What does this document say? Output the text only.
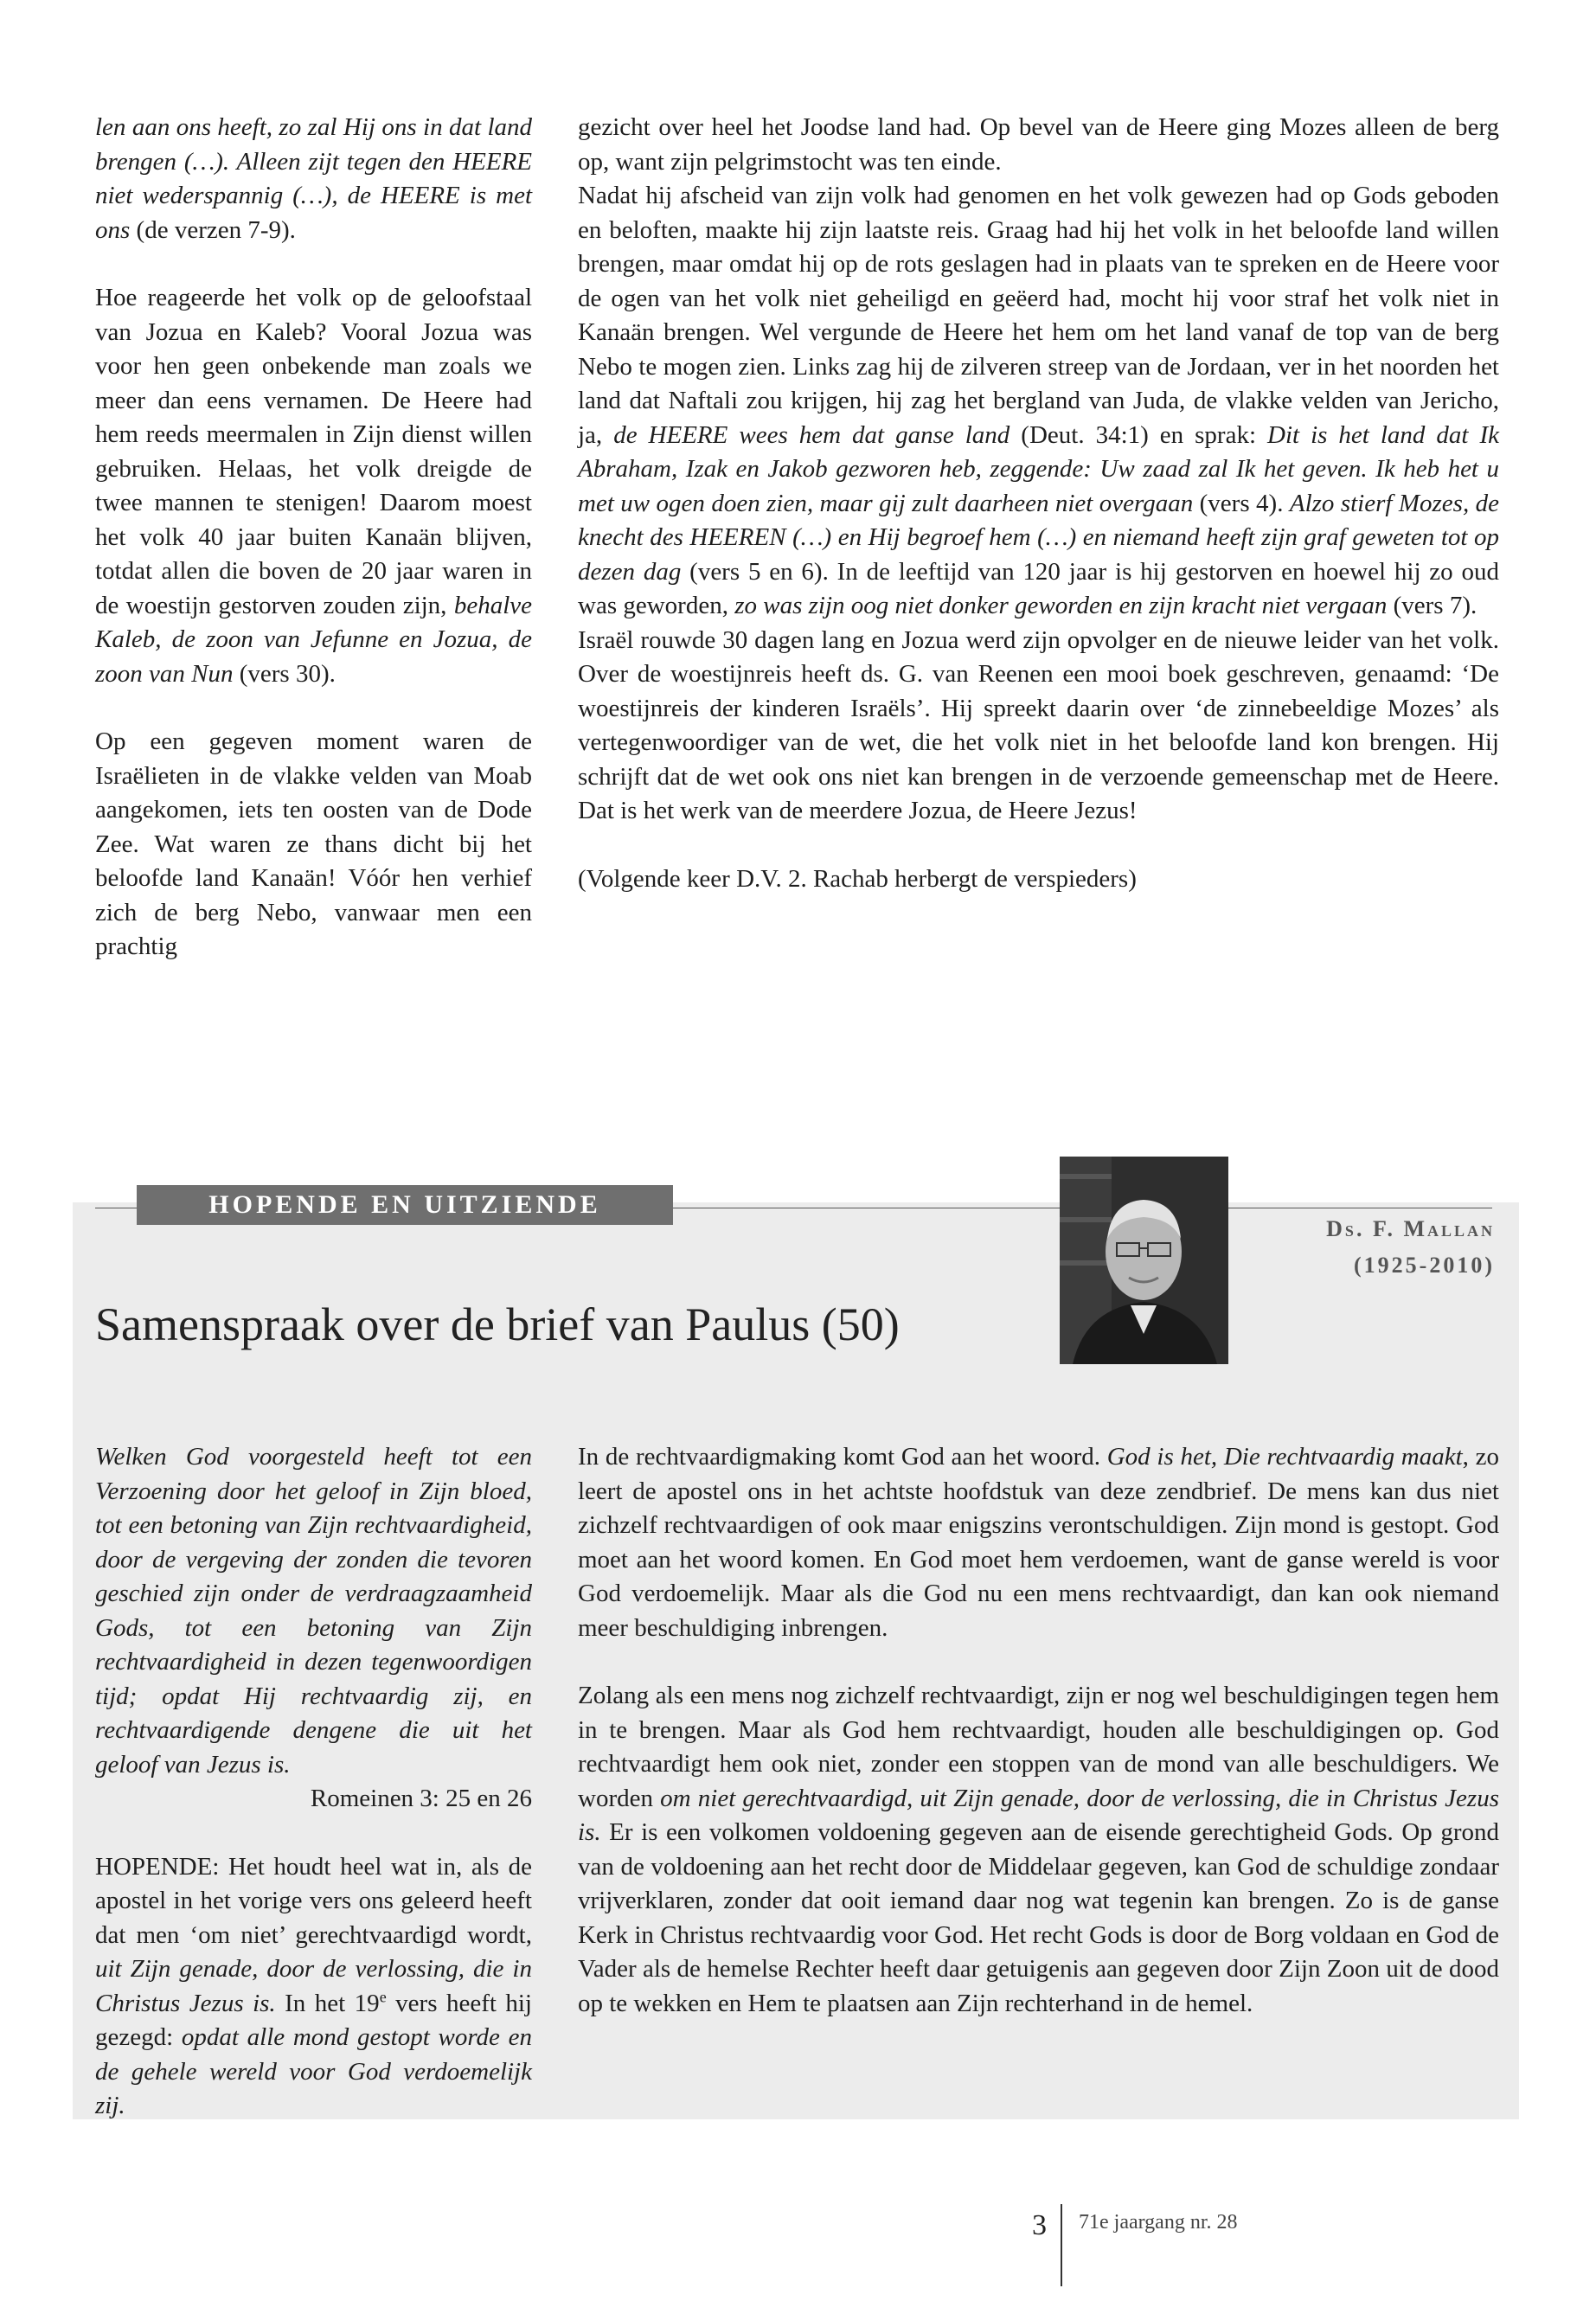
len aan ons heeft, zo zal Hij ons in dat land brengen (…). Alleen zijt tegen den HEERE niet wederspannig (…), de HEERE is met ons (de verzen 7-9).

Hoe reageerde het volk op de geloofstaal van Jozua en Kaleb? Vooral Jozua was voor hen geen onbekende man zoals we meer dan eens vernamen. De Heere had hem reeds meermalen in Zijn dienst willen gebruiken. Helaas, het volk dreigde de twee mannen te stenigen! Daarom moest het volk 40 jaar buiten Kanaän blijven, totdat allen die boven de 20 jaar waren in de woestijn gestorven zouden zijn, behalve Kaleb, de zoon van Jefunne en Jozua, de zoon van Nun (vers 30).

Op een gegeven moment waren de Israëlieten in de vlakke velden van Moab aangekomen, iets ten oosten van de Dode Zee. Wat waren ze thans dicht bij het beloofde land Kanaän! Vóór hen verhief zich de berg Nebo, vanwaar men een prachtig

gezicht over heel het Joodse land had. Op bevel van de Heere ging Mozes alleen de berg op, want zijn pelgrimstocht was ten einde.

Nadat hij afscheid van zijn volk had genomen en het volk gewezen had op Gods geboden en beloften, maakte hij zijn laatste reis. Graag had hij het volk in het beloofde land willen brengen, maar omdat hij op de rots geslagen had in plaats van te spreken en de Heere voor de ogen van het volk niet geheiligd en geëerd had, mocht hij voor straf het volk niet in Kanaän brengen. Wel vergunde de Heere het hem om het land vanaf de top van de berg Nebo te mogen zien. Links zag hij de zilveren streep van de Jordaan, ver in het noorden het land dat Naftali zou krijgen, hij zag het bergland van Juda, de vlakke velden van Jericho, ja, de HEERE wees hem dat ganse land (Deut. 34:1) en sprak: Dit is het land dat Ik Abraham, Izak en Jakob gezworen heb, zeggende: Uw zaad zal Ik het geven. Ik heb het u met uw ogen doen zien, maar gij zult daarheen niet overgaan (vers 4). Alzo stierf Mozes, de knecht des HEEREN (…) en Hij begroef hem (…) en niemand heeft zijn graf geweten tot op dezen dag (vers 5 en 6). In de leeftijd van 120 jaar is hij gestorven en hoewel hij zo oud was geworden, zo was zijn oog niet donker geworden en zijn kracht niet vergaan (vers 7).

Israël rouwde 30 dagen lang en Jozua werd zijn opvolger en de nieuwe leider van het volk. Over de woestijnreis heeft ds. G. van Reenen een mooi boek geschreven, genaamd: ‘De woestijnreis der kinderen Israëls’. Hij spreekt daarin over ‘de zinnebeeldige Mozes’ als vertegenwoordiger van de wet, die het volk niet in het beloofde land kon brengen. Hij schrijft dat de wet ook ons niet kan brengen in de verzoende gemeenschap met de Heere. Dat is het werk van de meerdere Jozua, de Heere Jezus!

(Volgende keer D.V. 2. Rachab herbergt de verspieders)

HOPENDE EN UITZIENDE
Ds. F. Mallan
(1925-2010)
Samenspraak over de brief van Paulus (50)

Welken God voorgesteld heeft tot een Verzoening door het geloof in Zijn bloed, tot een betoning van Zijn rechtvaardigheid, door de vergeving der zonden die tevoren geschied zijn onder de verdraagzaamheid Gods, tot een betoning van Zijn rechtvaardigheid in dezen tegenwoordigen tijd; opdat Hij rechtvaardig zij, en rechtvaardigende dengene die uit het geloof van Jezus is.

Romeinen 3: 25 en 26

HOPENDE: Het houdt heel wat in, als de apostel in het vorige vers ons geleerd heeft dat men ‘om niet’ gerechtvaardigd wordt, uit Zijn genade, door de verlossing, die in Christus Jezus is. In het 19e vers heeft hij gezegd: opdat alle mond gestopt worde en de gehele wereld voor God verdoemelijk zij.

In de rechtvaardigmaking komt God aan het woord. God is het, Die rechtvaardig maakt, zo leert de apostel ons in het achtste hoofdstuk van deze zendbrief. De mens kan dus niet zichzelf rechtvaardigen of ook maar enigszins verontschuldigen. Zijn mond is gestopt. God moet aan het woord komen. En God moet hem verdoemen, want de ganse wereld is voor God verdoemelijk. Maar als die God nu een mens rechtvaardigt, dan kan ook niemand meer beschuldiging inbrengen.

Zolang als een mens nog zichzelf rechtvaardigt, zijn er nog wel beschuldigingen tegen hem in te brengen. Maar als God hem rechtvaardigt, houden alle beschuldigingen op. God rechtvaardigt hem ook niet, zonder een stoppen van de mond van alle beschuldigers. We worden om niet gerechtvaardigd, uit Zijn genade, door de verlossing, die in Christus Jezus is. Er is een volkomen voldoening gegeven aan de eisende gerechtigheid Gods. Op grond van de voldoening aan het recht door de Middelaar gegeven, kan God de schuldige zondaar vrijverklaren, zonder dat ooit iemand daar nog wat tegenin kan brengen. Zo is de ganse Kerk in Christus rechtvaardig voor God. Het recht Gods is door de Borg voldaan en God de Vader als de hemelse Rechter heeft daar getuigenis aan gegeven door Zijn Zoon uit de dood op te wekken en Hem te plaatsen aan Zijn rechterhand in de hemel.

3 71e jaargang nr. 28
